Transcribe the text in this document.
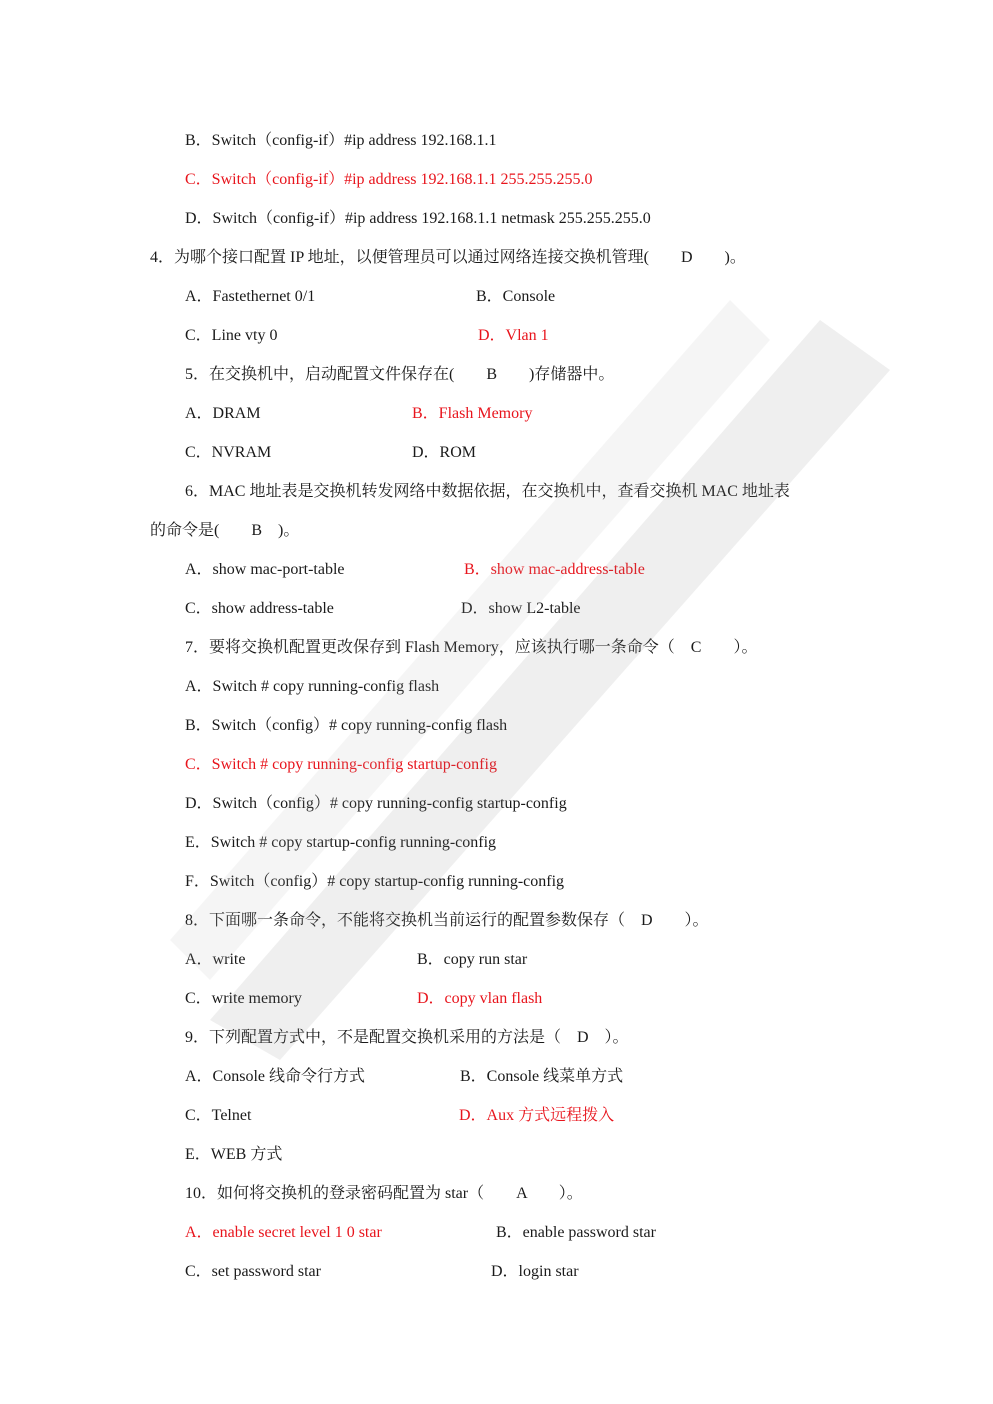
B．Switch（config-if）#ip address 192.168.1.1
C．Switch（config-if）#ip address 192.168.1.1 255.255.255.0
D．Switch（config-if）#ip address 192.168.1.1 netmask 255.255.255.0
4．为哪个接口配置 IP 地址，以便管理员可以通过网络连接交换机管理(　　D　　)。
A．Fastethernet 0/1	B．Console
C．Line vty 0	D．Vlan 1
5．在交换机中，启动配置文件保存在(　　B　　)存储器中。
A．DRAM	B．Flash Memory
C．NVRAM	D．ROM
6．MAC 地址表是交换机转发网络中数据依据，在交换机中，查看交换机 MAC 地址表
的命令是(　　B　)。
A．show mac-port-table	B．show mac-address-table
C．show address-table	D．show L2-table
7．要将交换机配置更改保存到 Flash Memory，应该执行哪一条命令（　C　　）。
A．Switch # copy running-config flash
B．Switch（config）# copy running-config flash
C．Switch # copy running-config startup-config
D．Switch（config）# copy running-config startup-config
E．Switch # copy startup-config running-config
F．Switch（config）# copy startup-config running-config
8．下面哪一条命令，不能将交换机当前运行的配置参数保存（　D　　）。
A．write	B．copy run star
C．write memory	D．copy vlan flash
9．下列配置方式中，不是配置交换机采用的方法是（　D　）。
A．Console 线命令行方式	B．Console 线菜单方式
C．Telnet	D．Aux 方式远程拨入
E．WEB 方式
10．如何将交换机的登录密码配置为 star（　　A　　）。
A．enable secret level 1 0 star	B．enable password star
C．set password star	D．login star
